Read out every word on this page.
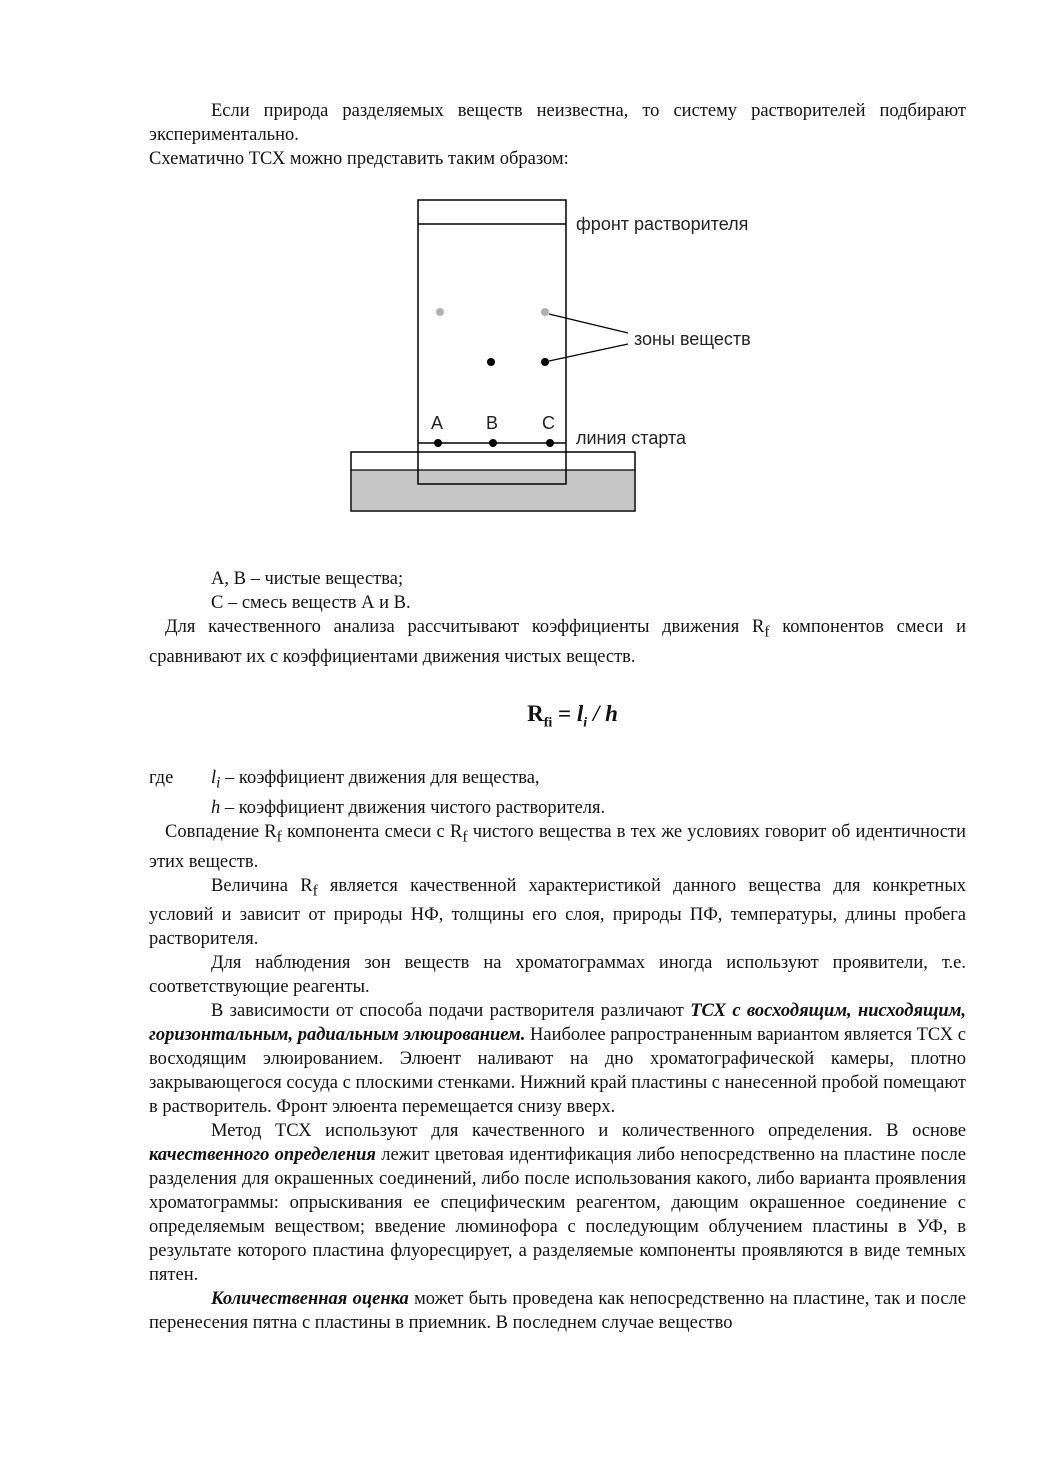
Если природа разделяемых веществ неизвестна, то систему растворителей подбирают экспериментально.

Схематично ТСХ можно представить таким образом:

фронт растворителя
зоны веществ
линия старта
A B C

А, В – чистые вещества;

С – смесь веществ А и В.

Для качественного анализа рассчитывают коэффициенты движения $R_f$ компонентов смеси и сравнивают их с коэффициентами движения чистых веществ.

$R_{fi} = l_i / h$
где	$l_i$ – коэффициент движения для вещества,
h – коэффициент движения чистого растворителя.

Совпадение $R_f$ компонента смеси с $R_f$ чистого вещества в тех же условиях говорит об идентичности этих веществ.

Величина $R_f$ является качественной характеристикой данного вещества для конкретных условий и зависит от природы НФ, толщины его слоя, природы ПФ, температуры, длины пробега растворителя.

Для наблюдения зон веществ на хроматограммах иногда используют проявители, т.е. соответствующие реагенты.

В зависимости от способа подачи растворителя различают ТСХ с восходящим, нисходящим, горизонтальным, радиальным элюированием. Наиболее рапространенным вариантом является ТСХ с восходящим элюированием. Элюент наливают на дно хроматографической камеры, плотно закрывающегося сосуда с плоскими стенками. Нижний край пластины с нанесенной пробой помещают в растворитель. Фронт элюента перемещается снизу вверх.

Метод ТСХ используют для качественного и количественного определения. В основе качественного определения лежит цветовая идентификация либо непосредственно на пластине после разделения для окрашенных соединений, либо после использования какого, либо варианта проявления хроматограммы: опрыскивания ее специфическим реагентом, дающим окрашенное соединение с определяемым веществом; введение люминофора с последующим облучением пластины в УФ, в результате которого пластина флуоресцирует, а разделяемые компоненты проявляются в виде темных пятен.

Количественная оценка может быть проведена как непосредственно на пластине, так и после перенесения пятна с пластины в приемник. В последнем случае вещество
